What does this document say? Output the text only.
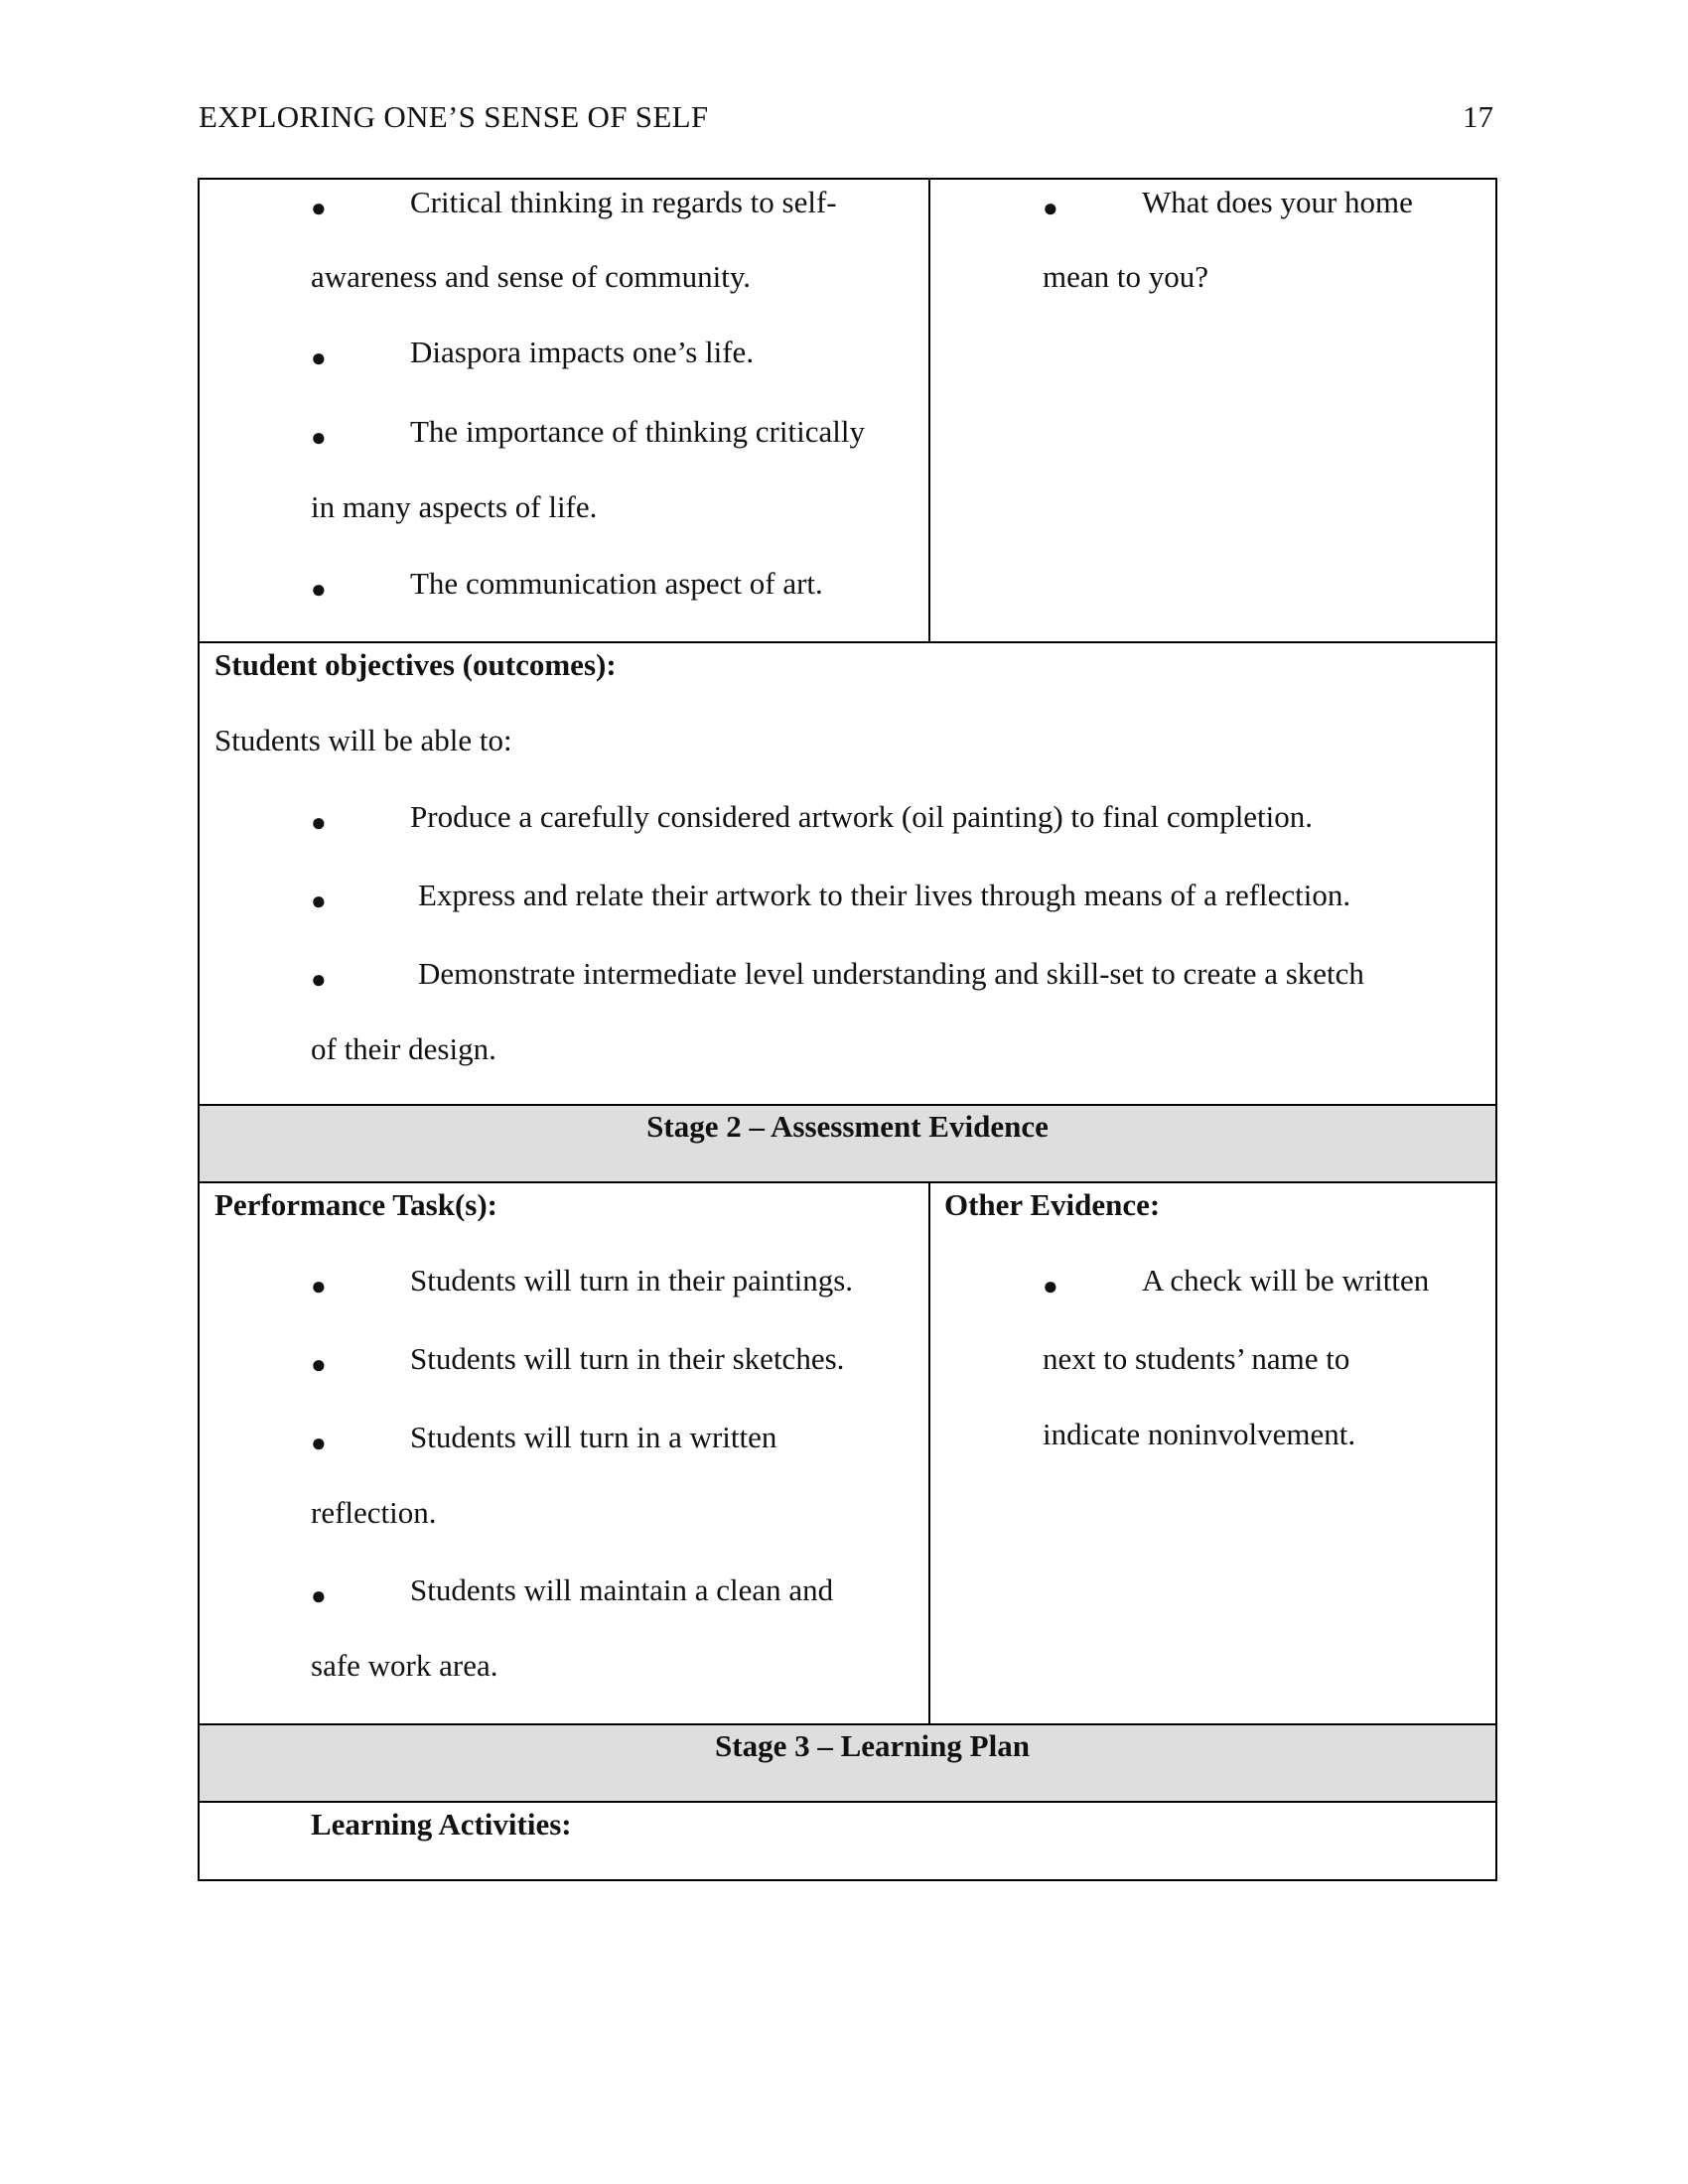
EXPLORING ONE’S SENSE OF SELF	17
●	Critical thinking in regards to self-
awareness and sense of community.
●	Diaspora impacts one’s life.
●	The importance of thinking critically
in many aspects of life.
●	The communication aspect of art.
●	What does your home
mean to you?
Student objectives (outcomes):
Students will be able to:
●	Produce a carefully considered artwork (oil painting) to final completion.
●	Express and relate their artwork to their lives through means of a reflection.
●	Demonstrate intermediate level understanding and skill-set to create a sketch
of their design.
Stage 2 – Assessment Evidence
Performance Task(s):
●	Students will turn in their paintings.
●	Students will turn in their sketches.
●	Students will turn in a written
reflection.
●	Students will maintain a clean and
safe work area.
Other Evidence:
●	A check will be written
next to students’ name to
indicate noninvolvement.
Stage 3 – Learning Plan
Learning Activities:
